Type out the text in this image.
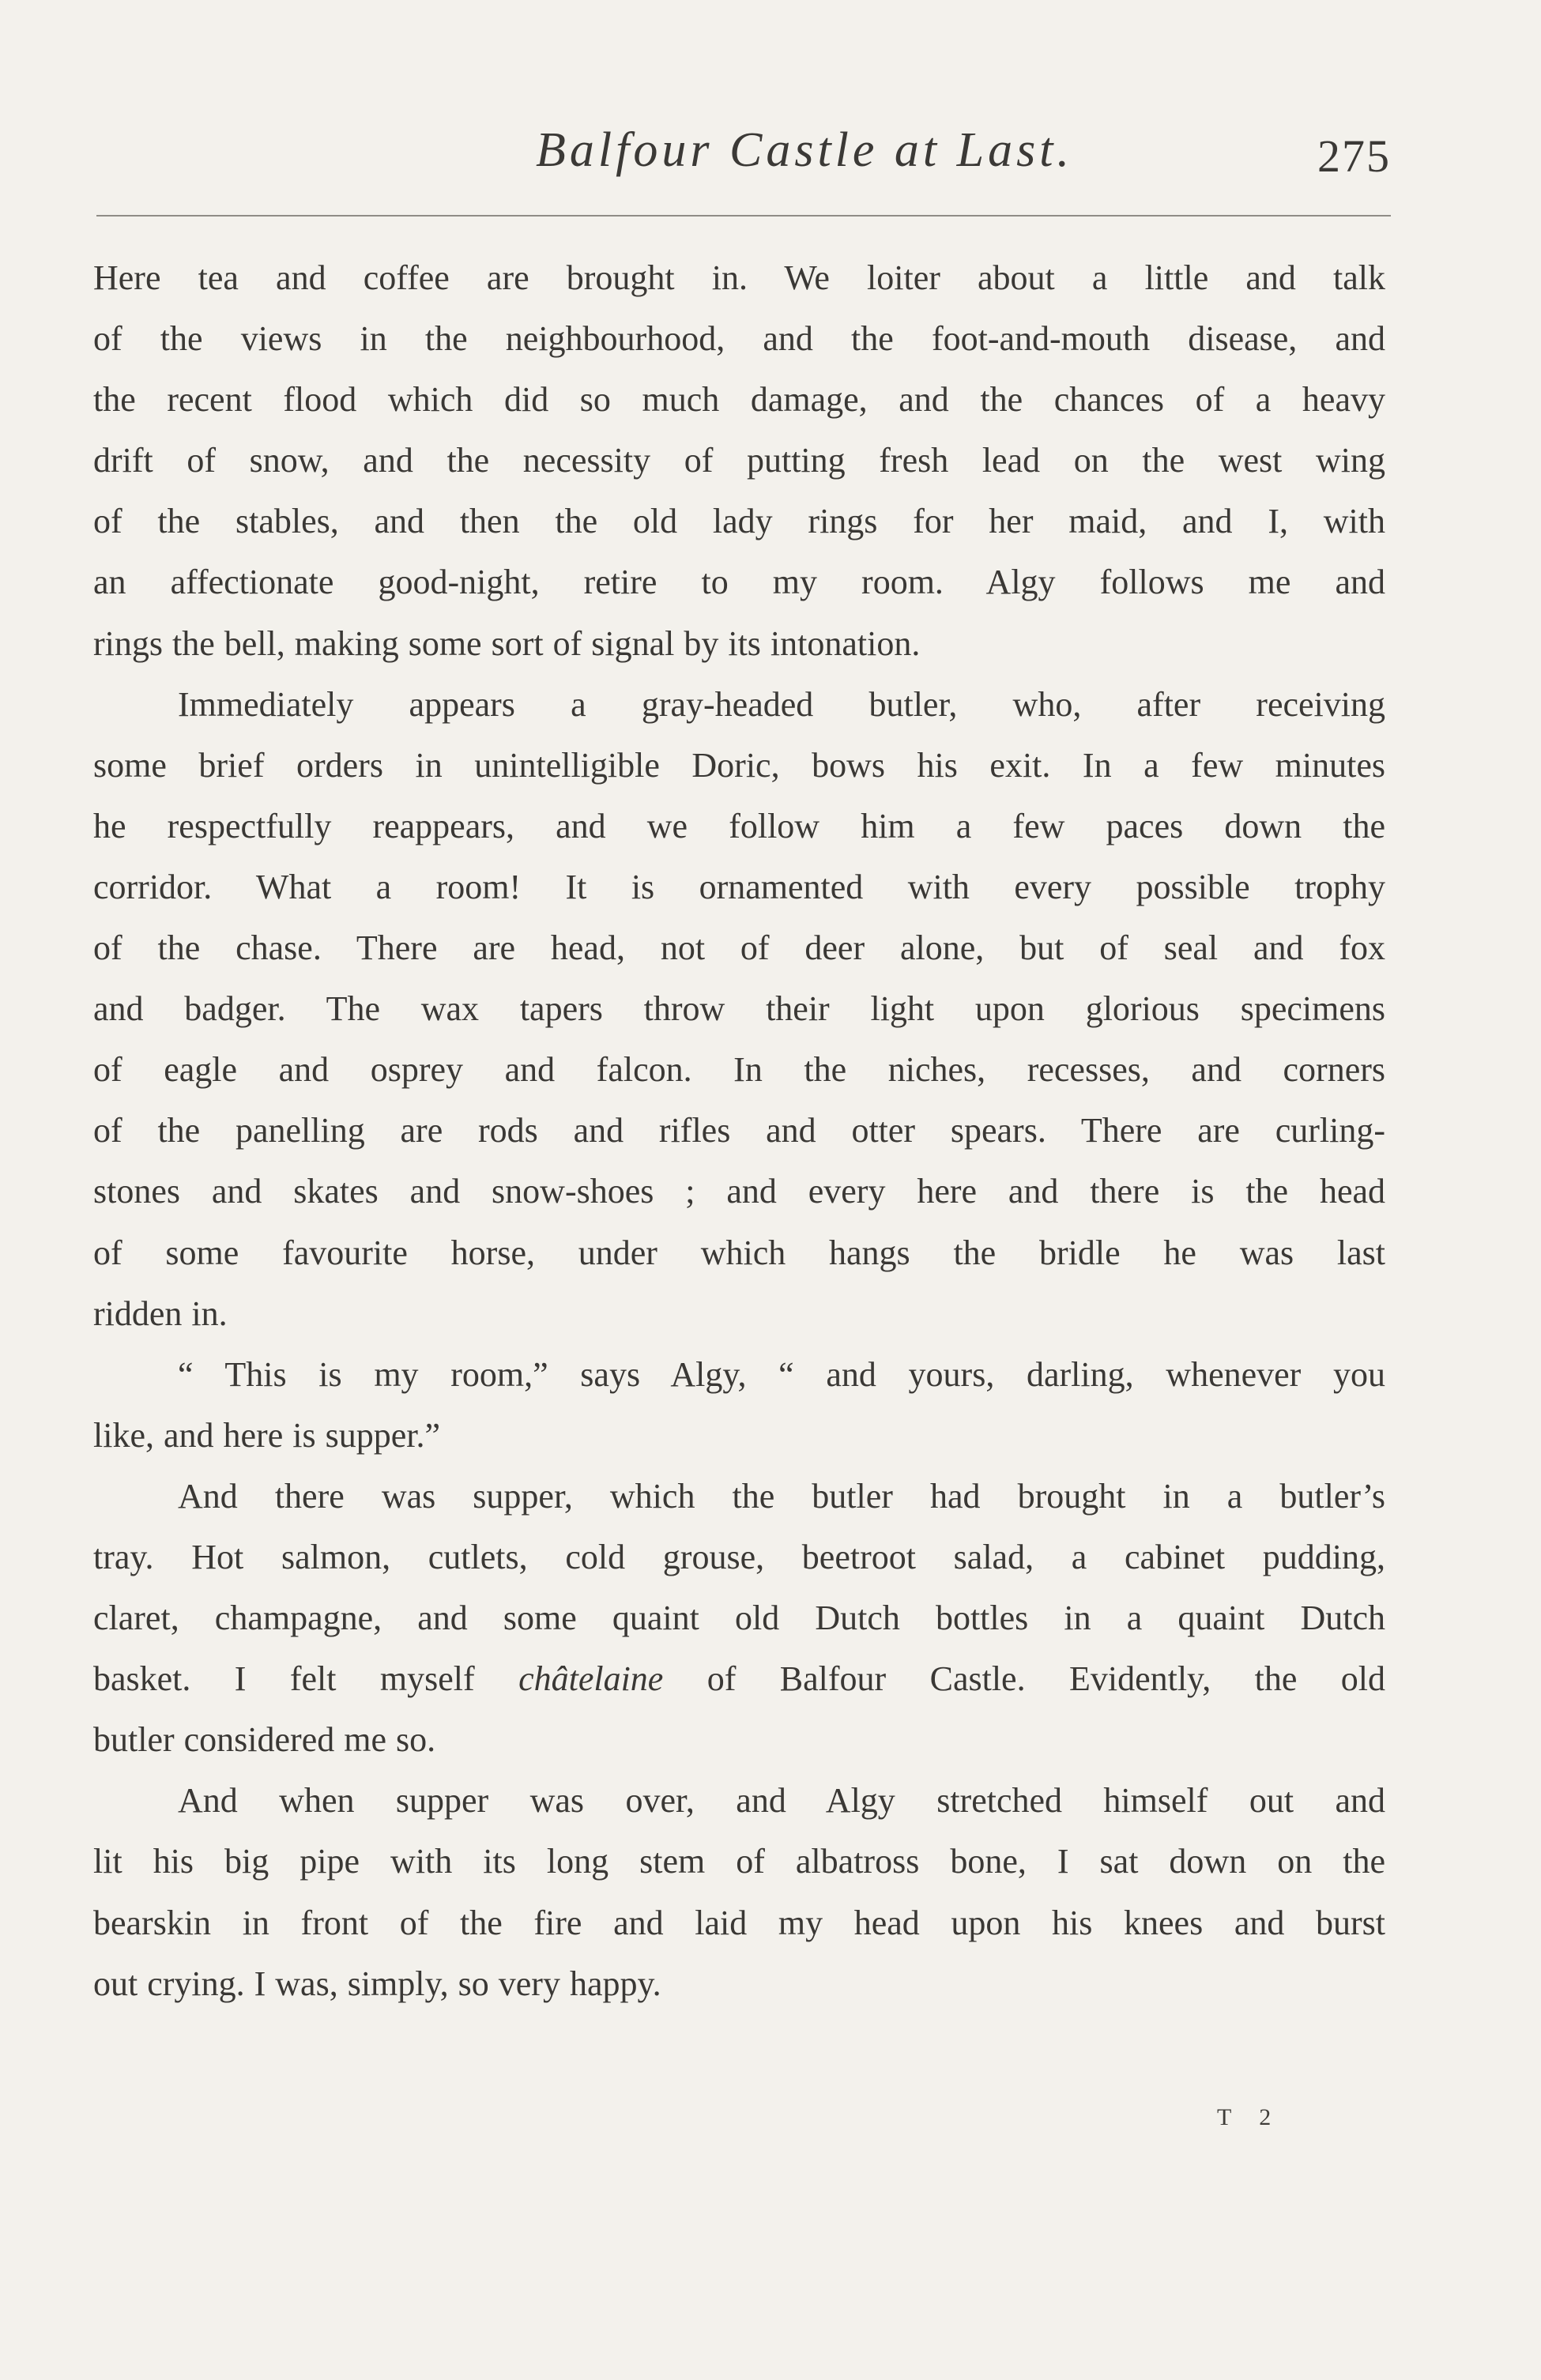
Balfour Castle at Last.	275
Here tea and coffee are brought in. We loiter about a little and talk
of the views in the neighbourhood, and the foot-and-mouth disease, and
the recent flood which did so much damage, and the chances of a heavy
drift of snow, and the necessity of putting fresh lead on the west wing
of the stables, and then the old lady rings for her maid, and I, with
an affectionate good-night, retire to my room. Algy follows me and
rings the bell, making some sort of signal by its intonation.
Immediately appears a gray-headed butler, who, after receiving
some brief orders in unintelligible Doric, bows his exit. In a few minutes
he respectfully reappears, and we follow him a few paces down the
corridor. What a room! It is ornamented with every possible trophy
of the chase. There are head, not of deer alone, but of seal and fox
and badger. The wax tapers throw their light upon glorious specimens
of eagle and osprey and falcon. In the niches, recesses, and corners
of the panelling are rods and rifles and otter spears. There are curling-
stones and skates and snow-shoes ; and every here and there is the head
of some favourite horse, under which hangs the bridle he was last
ridden in.
“ This is my room,” says Algy, “ and yours, darling, whenever you
like, and here is supper.”
And there was supper, which the butler had brought in a butler’s
tray. Hot salmon, cutlets, cold grouse, beetroot salad, a cabinet pudding,
claret, champagne, and some quaint old Dutch bottles in a quaint Dutch
basket. I felt myself châtelaine of Balfour Castle. Evidently, the old
butler considered me so.
And when supper was over, and Algy stretched himself out and
lit his big pipe with its long stem of albatross bone, I sat down on the
bearskin in front of the fire and laid my head upon his knees and burst
out crying. I was, simply, so very happy.
T 2
